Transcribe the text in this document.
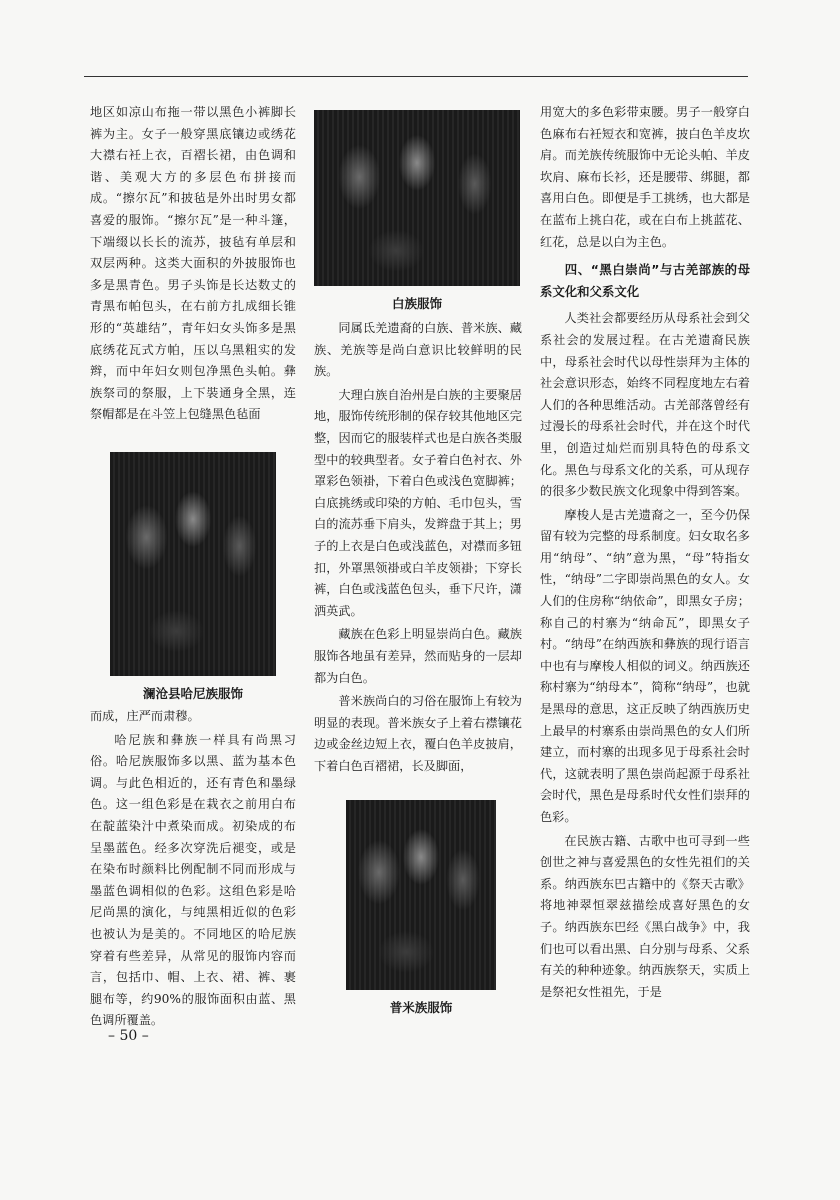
地区如凉山布拖一带以黑色小裤脚长裤为主。女子一般穿黑底镶边或绣花大襟右衽上衣，百褶长裙，由色调和谐、美观大方的多层色布拼接而成。“擦尔瓦”和披毡是外出时男女都喜爱的服饰。“擦尔瓦”是一种斗篷，下端缀以长长的流苏，披毡有单层和双层两种。这类大面积的外披服饰也多是黑青色。男子头饰是长达数丈的青黑布帕包头，在右前方扎成细长锥形的“英雄结”，青年妇女头饰多是黑底绣花瓦式方帕，压以乌黑粗实的发辫，而中年妇女则包净黑色头帕。彝族祭司的祭服，上下裝通身全黑，连祭帽都是在斗笠上包缝黑色毡面

澜沧县哈尼族服饰

而成，庄严而肃穆。

哈尼族和彝族一样具有尚黑习俗。哈尼族服饰多以黑、蓝为基本色调。与此色相近的，还有青色和墨绿色。这一组色彩是在栽衣之前用白布在靛蓝染汁中煮染而成。初染成的布呈墨蓝色。经多次穿洗后褪变，或是在染布时颜料比例配制不同而形成与墨蓝色调相似的色彩。这组色彩是哈尼尚黑的演化，与纯黑相近似的色彩也被认为是美的。不同地区的哈尼族穿着有些差异，从常见的服饰内容而言，包括巾、帽、上衣、裙、裤、裹腿布等，约90%的服饰面积由蓝、黑色调所覆盖。

白族服饰

同属氐羌遗裔的白族、普米族、藏族、羌族等是尚白意识比较鲜明的民族。

大理白族自治州是白族的主要聚居地，服饰传统形制的保存较其他地区完整，因而它的服装样式也是白族各类服型中的较典型者。女子着白色衬衣、外罩彩色领褂，下着白色或浅色宽脚裤；白底挑绣或印染的方帕、毛巾包头，雪白的流苏垂下肩头，发辫盘于其上；男子的上衣是白色或浅蓝色，对襟而多钮扣，外罩黑领褂或白羊皮领褂；下穿长裤，白色或浅蓝色包头，垂下尺许，潇洒英武。

藏族在色彩上明显崇尚白色。藏族服饰各地虽有差异，然而贴身的一层却都为白色。

普米族尚白的习俗在服饰上有较为明显的表现。普米族女子上着右襟镶花边或金丝边短上衣，覆白色羊皮披肩，下着白色百褶裙，长及脚面，

普米族服饰

用宽大的多色彩带束腰。男子一般穿白色麻布右衽短衣和宽裤，披白色羊皮坎肩。而羌族传统服饰中无论头帕、羊皮坎肩、麻布长衫，还是腰带、绑腿，都喜用白色。即便是手工挑绣，也大都是在蓝布上挑白花，或在白布上挑蓝花、红花，总是以白为主色。

四、“黑白崇尚”与古羌部族的母系文化和父系文化

人类社会都要经历从母系社会到父系社会的发展过程。在古羌遗裔民族中，母系社会时代以母性崇拜为主体的社会意识形态，始终不同程度地左右着人们的各种思维活动。古羌部落曾经有过漫长的母系社会时代，并在这个时代里，创造过灿烂而别具特色的母系文化。黑色与母系文化的关系，可从现存的很多少数民族文化现象中得到答案。

摩梭人是古羌遗裔之一，至今仍保留有较为完整的母系制度。妇女取名多用“纳母”、“纳”意为黑，“母”特指女性，“纳母”二字即崇尚黑色的女人。女人们的住房称“纳依命”，即黑女子房；称自己的村寨为“纳命瓦”，即黑女子村。“纳母”在纳西族和彝族的现行语言中也有与摩梭人相似的词义。纳西族还称村寨为“纳母本”，简称“纳母”，也就是黑母的意思，这正反映了纳西族历史上最早的村寨系由崇尚黑色的女人们所建立，而村寨的出现多见于母系社会时代，这就表明了黑色崇尚起源于母系社会时代，黑色是母系时代女性们崇拜的色彩。

在民族古籍、古歌中也可寻到一些创世之神与喜爱黑色的女性先祖们的关系。纳西族东巴古籍中的《祭天古歌》将地神翠恒翠兹描绘成喜好黑色的女子。纳西族东巴经《黑白战争》中，我们也可以看出黑、白分别与母系、父系有关的种种迹象。纳西族祭天，实质上是祭祀女性祖先，于是

– 50 –
